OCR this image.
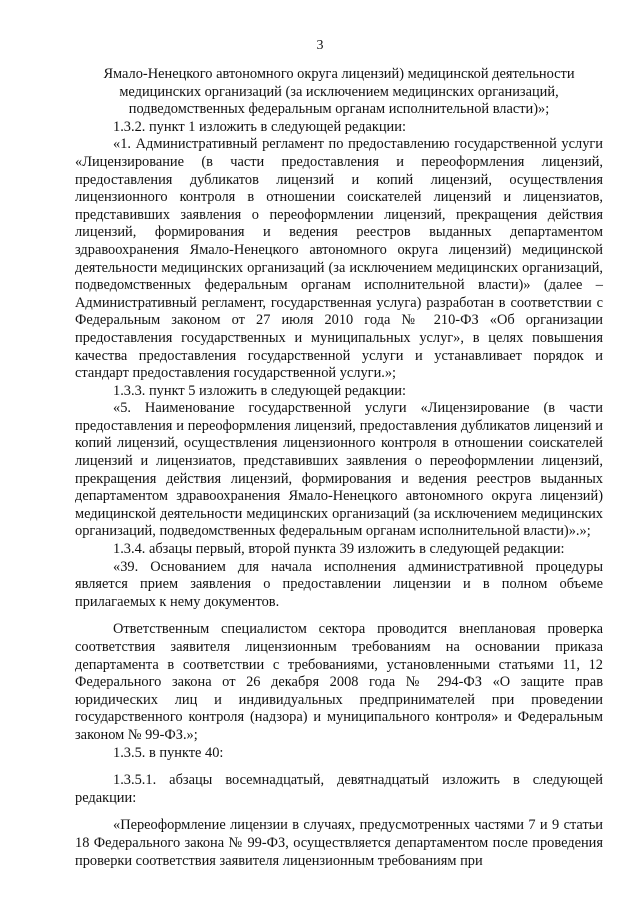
3
Ямало-Ненецкого автономного округа лицензий) медицинской деятельности
медицинских организаций (за исключением медицинских организаций,
подведомственных федеральным органам исполнительной власти)»;

1.3.2. пункт 1 изложить в следующей редакции:

«1. Административный регламент по предоставлению государственной услуги «Лицензирование (в части предоставления и переоформления лицензий, предоставления дубликатов лицензий и копий лицензий, осуществления лицензионного контроля в отношении соискателей лицензий и лицензиатов, представивших заявления о переоформлении лицензий, прекращения действия лицензий, формирования и ведения реестров выданных департаментом здравоохранения Ямало-Ненецкого автономного округа лицензий) медицинской деятельности медицинских организаций (за исключением медицинских организаций, подведомственных федеральным органам исполнительной власти)» (далее – Административный регламент, государственная услуга) разработан в соответствии с Федеральным законом от 27 июля 2010 года № 210-ФЗ «Об организации предоставления государственных и муниципальных услуг», в целях повышения качества предоставления государственной услуги и устанавливает порядок и стандарт предоставления государственной услуги.»;

1.3.3. пункт 5 изложить в следующей редакции:

«5. Наименование государственной услуги «Лицензирование (в части предоставления и переоформления лицензий, предоставления дубликатов лицензий и копий лицензий, осуществления лицензионного контроля в отношении соискателей лицензий и лицензиатов, представивших заявления о переоформлении лицензий, прекращения действия лицензий, формирования и ведения реестров выданных департаментом здравоохранения Ямало-Ненецкого автономного округа лицензий) медицинской деятельности медицинских организаций (за исключением медицинских организаций, подведомственных федеральным органам исполнительной власти)».»;

1.3.4. абзацы первый, второй пункта 39 изложить в следующей редакции:

«39. Основанием для начала исполнения административной процедуры является прием заявления о предоставлении лицензии и в полном объеме прилагаемых к нему документов.

Ответственным специалистом сектора проводится внеплановая проверка соответствия заявителя лицензионным требованиям на основании приказа департамента в соответствии с требованиями, установленными статьями 11, 12 Федерального закона от 26 декабря 2008 года № 294-ФЗ «О защите прав юридических лиц и индивидуальных предпринимателей при проведении государственного контроля (надзора) и муниципального контроля» и Федеральным законом № 99-ФЗ.»;

1.3.5. в пункте 40:

1.3.5.1. абзацы восемнадцатый, девятнадцатый изложить в следующей редакции:

«Переоформление лицензии в случаях, предусмотренных частями 7 и 9 статьи 18 Федерального закона № 99-ФЗ, осуществляется департаментом после проведения проверки соответствия заявителя лицензионным требованиям при
